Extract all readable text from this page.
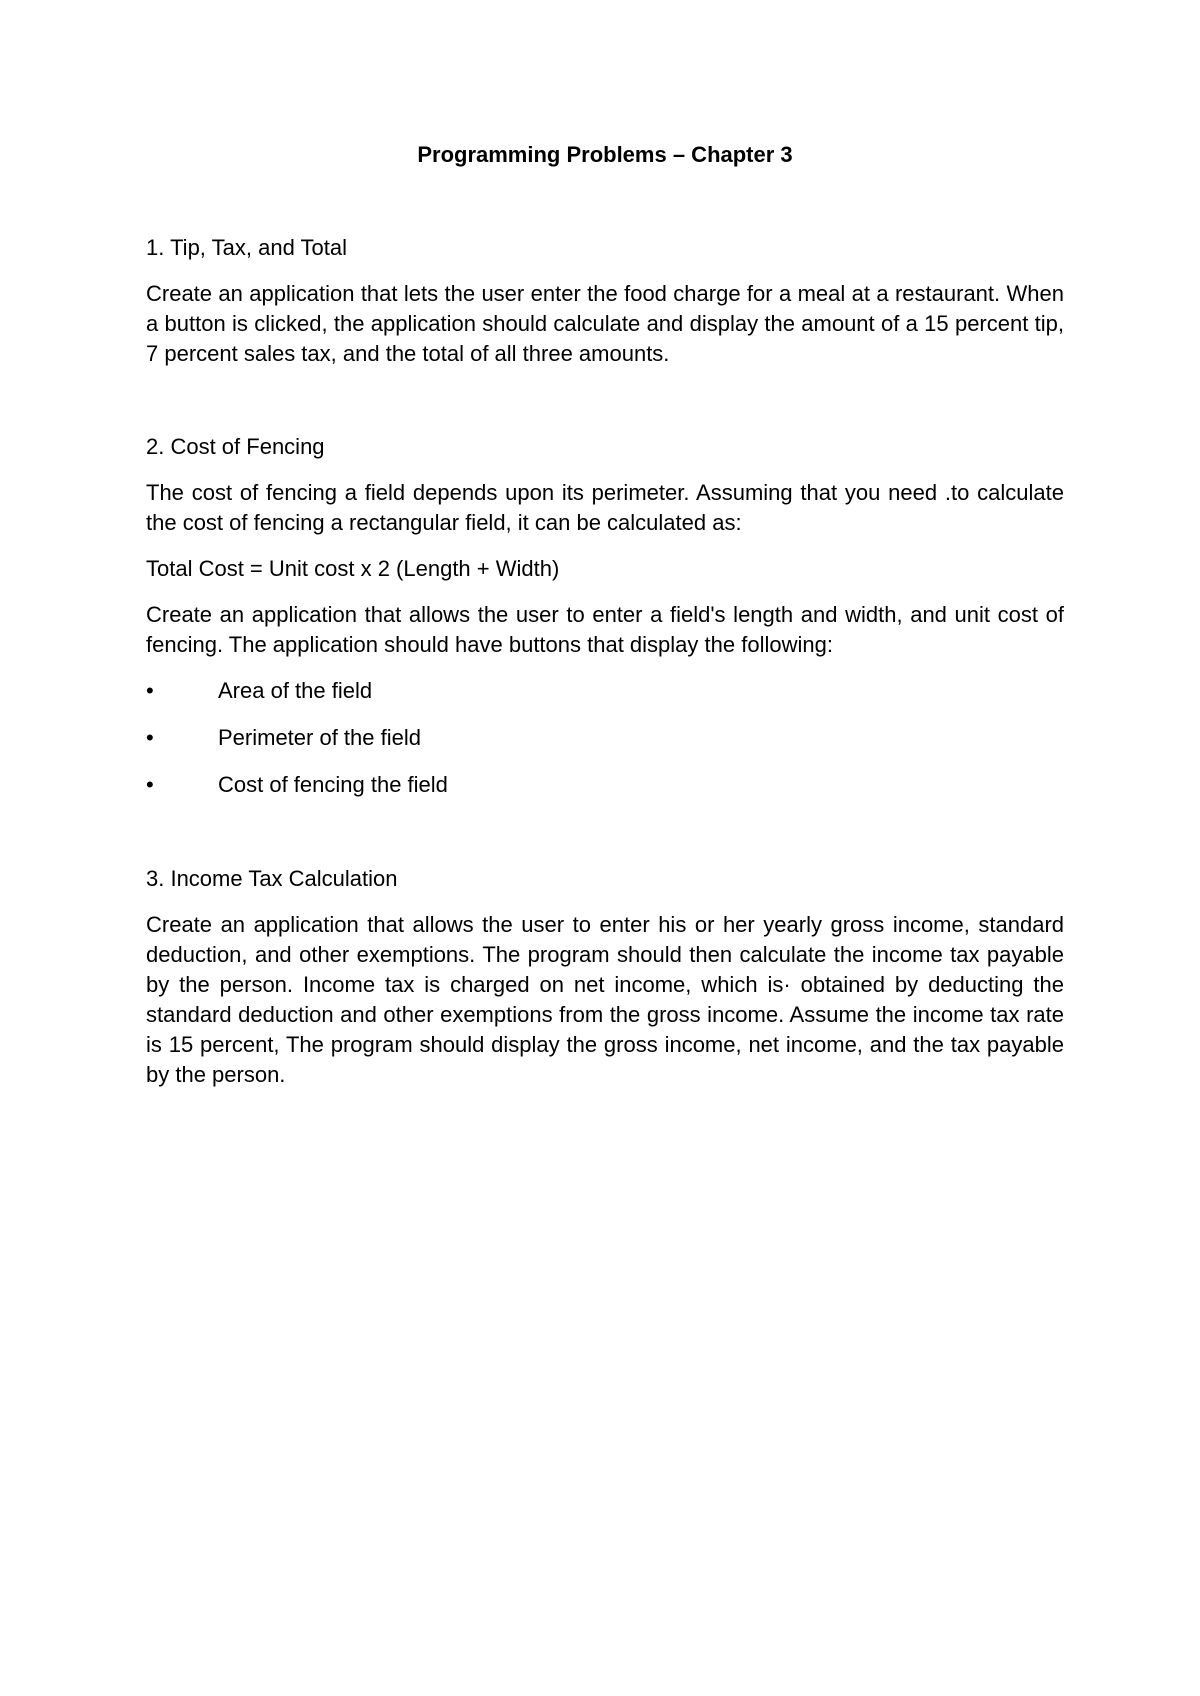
Programming Problems – Chapter 3
1. Tip, Tax, and Total

Create an application that lets the user enter the food charge for a meal at a restaurant. When a button is clicked, the application should calculate and display the amount of a 15 percent tip, 7 percent sales tax, and the total of all three amounts.

2. Cost of Fencing

The cost of fencing a field depends upon its perimeter. Assuming that you need .to calculate the cost of fencing a rectangular field, it can be calculated as:

Total Cost = Unit cost x 2 (Length + Width)

Create an application that allows the user to enter a field's length and width, and unit cost of fencing. The application should have buttons that display the following:

•	Area of the field
•	Perimeter of the field
•	Cost of fencing the field
3. Income Tax Calculation

Create an application that allows the user to enter his or her yearly gross income, standard deduction, and other exemptions. The program should then calculate the income tax payable by the person. Income tax is charged on net income, which is· obtained by deducting the standard deduction and other exemptions from the gross income. Assume the income tax rate is 15 percent, The program should display the gross income, net income, and the tax payable by the person.
